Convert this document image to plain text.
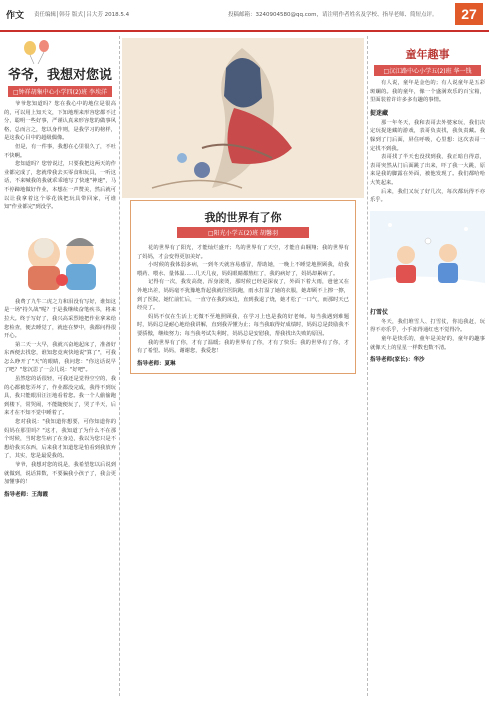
作文 责任编辑│韩芬 版式│吕大芳 2018.5.4	投稿邮箱：3240904580@qq.com，请注明作者姓名及学校、指导老师、简短点评。	27
爷爷，我想对您说
□钟祥胡集中心小学四(2)班 李埃洋

爷爷您知道吗？您在我心中的地位是很高的，可以用上知天文，下知地理来形容您都不过分，聪明一些好事，严谨认真来形容您的做事风格，总而言之，您以身作则，是我学习的榜样，是这我心目中的超级偶像。

但是，有一件事，我想在心里很久了，不吐不快啊。

您知道吗？您曾说过，只要我把这两天的作业都完成了，您就带我去买零食和玩具，一听这话，不来喊我的我就乖乖地写了快速"神速"，马不停蹄地做好作业，本想在一声赞美，然后就可以让我拿着这个零花钱把玩具带回家，可谁知"作业都完"到没学。

我费了九牛二虎之力和泪没有写好，谁知这是一场"持久战"呢？于是我继续奋笔疾书，将来拉大。终于写好了，我兴高采烈地把作业拿来给您检查，便去睡觉了，就连在梦中，我都问得很开心。

第二天一大早，我就兴奋地起床了，准备好东西便去找您，谁知您竟爽快地说"算了"，可我怎么睁开了"天"的眼睛，我问您："你这话说早了吧？"您沉思了一会儿说："好吧"。

虽然您的话很轻，可我还是觉得空空的，我的心都被您弄坏了，作业都没完成，我得不到玩具，我只能眼泪汪汪地看着您。我一个人偷偷跑到楼下，常哭闹，不能随便玩了，哭了半天，后来才在不知不觉中睡着了。

您对我说："我知道你想要，可你知道你的妈妈在那里吗？"这才，我知道了为什么不在那个时候，当时您生病了在身边，我以为您只是不想给我买东西，后来我才知道您是怕看到我放弃了，其实，您是最爱我的。

爷爷，我想对您的说是，我希望您以后说到就做到，说话算数，不要骗我小孩子了，我会更加懂事的！

指导老师：王海霞
我的世界有了你
□阳光小学五(2)班 胡馨羽

花的世界有了阳光，才能灿烂盛开；鸟的世界有了天空，才能自由翱翔；我的世界有了妈妈，才会变得更加美好。

小时候的我体弱多病，一到冬天就容易感冒，帮助她，一晚上不睡觉地照顾我，给我喂药、喂水、量体温……几天几夜，妈妈眼睛都熬红了，我的病好了，妈妈却累病了。

记得有一次，我发高烧，浑身滚烫，那时候已经是深夜了，外面下着大雨，爸爸又在外地出差，妈妈毫不犹豫地背起我就往医院跑，雨水打湿了她的衣服，她却顾不上擦一擦，到了医院，她忙前忙后，一直守在我的床边，直到我退了烧，她才松了一口气，而那时天已经亮了。

妈妈不仅在生活上无微不至地照顾我，在学习上也是我的好老师。每当我遇到难题时，妈妈总是耐心地给我讲解，直到我弄懂为止；每当我取得好成绩时，妈妈总是鼓励我不要骄傲，继续努力；每当我考试失利时，妈妈总是安慰我，帮我找出失败的原因。

我的世界有了你，才有了温暖；我的世界有了你，才有了快乐；我的世界有了你，才有了希望。妈妈，谢谢您，我爱您！

指导老师：夏琳
童年趣事
□汉江路中心小学五(2)班 华一钱

有人说，童年是金色的；有人说童年是五彩斑斓的。我的童年，像一个盛满欢乐的百宝箱，里面装着许许多多有趣的事情。

捉迷藏

那一年冬天，我和表哥去外婆家玩，我们决定玩捉迷藏的游戏，表哥负责找，我负责藏。我躲到了门后面，屏住呼吸，心里想：这次表哥一定找不到我。

表哥找了半天也没找到我，我正暗自得意，表哥突然从门后面跳了出来，吓了我一大跳，原来是我的脚露在外面，被他发现了。我们都哈哈大笑起来。

后来，我们又玩了好几次，每次都玩得不亦乐乎。

打雪仗

冬天，我们堆雪人、打雪仗，你追我赶，玩得不亦乐乎，小手冻得通红也不觉得冷。

童年是快乐的，童年是美好的，童年的趣事就像天上的星星一样数也数不清。

指导老师(家长)：华沙
